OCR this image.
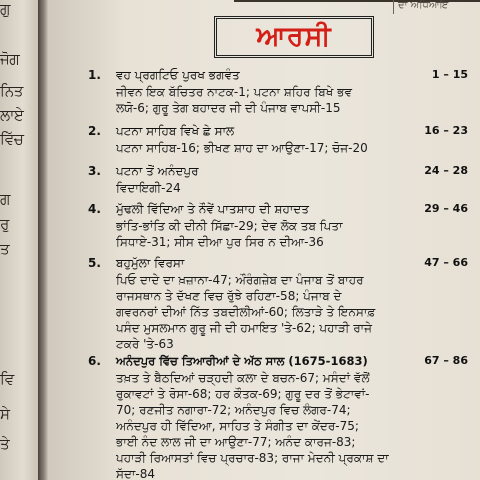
ਗੁ
ਜੋਗ
ਨਿਤ
ਲਾਏ
ਵਿੱਚ
ਗ
ਰੁ
ਤ
ਵਿ
ਸੇ
ਤੇ
ਦਾ ਅਧਿਆਇ
ਆਰਸੀ
1. ਵਹ ਪ੍ਰਗਟਿਓ ਪੁਰਖ ਭਗਵੰਤ	1 – 15
ਜੀਵਨ ਇਕ ਬੱਚਿਤਰ ਨਾਟਕ-1; ਪਟਨਾ ਸ਼ਹਿਰ ਬਿਖੇ ਭਵ
ਲਯੋ-6; ਗੁਰੂ ਤੇਗ ਬਹਾਦਰ ਜੀ ਦੀ ਪੰਜਾਬ ਵਾਪਸੀ-15
2. ਪਟਨਾ ਸਾਹਿਬ ਵਿਖੇ ਛੇ ਸਾਲ	16 – 23
ਪਟਨਾ ਸਾਹਿਬ-16; ਭੀਖਣ ਸ਼ਾਹ ਦਾ ਆਉਣਾ-17; ਚੋਜ-20
3. ਪਟਨਾ ਤੋਂ ਅਨੰਦਪੁਰ	24 – 28
ਵਿਦਾਇਗੀ-24
4. ਮੁੱਢਲੀ ਵਿੱਦਿਆ ਤੇ ਨੌਵੇਂ ਪਾਤਸ਼ਾਹ ਦੀ ਸ਼ਹਾਦਤ	29 – 46
ਭਾਂਤਿ-ਭਾਂਤਿ ਕੀ ਦੀਨੀ ਸਿੱਛਾ-29; ਦੇਵ ਲੋਕ ਤਬ ਪਿਤਾ
ਸਿਧਾਏ-31; ਸੀਸ ਦੀਆ ਪੁਰ ਸਿਰ ਨ ਦੀਆ-36
5. ਬਹੁਮੁੱਲਾ ਵਿਰਸਾ	47 – 66
ਪਿਓ ਦਾਦੇ ਦਾ ਖ਼ਜ਼ਾਨਾ-47; ਔਰੰਗਜ਼ੇਬ ਦਾ ਪੰਜਾਬ ਤੋਂ ਬਾਹਰ
ਰਾਜਸਥਾਨ ਤੇ ਦੱਖਣ ਵਿਚ ਰੁੱਝੇ ਰਹਿਣਾ-58; ਪੰਜਾਬ ਦੇ
ਗਵਰਨਰਾਂ ਦੀਆਂ ਨਿੱਤ ਤਬਦੀਲੀਆਂ-60; ਲਿਤਾੜੇ ਤੇ ਇਨਸਾਫ਼
ਪਸੰਦ ਮੁਸਲਮਾਨ ਗੁਰੂ ਜੀ ਦੀ ਹਮਾਇਤ 'ਤੇ-62; ਪਹਾੜੀ ਰਾਜੇ
ਟਕਰੇ 'ਤੇ-63
6. ਅਨੰਦਪੁਰ ਵਿੱਚ ਤਿਆਰੀਆਂ ਦੇ ਅੱਠ ਸਾਲ (1675-1683)	67 – 86
ਤਖ਼ਤ ਤੇ ਬੈਠਦਿਆਂ ਚੜ੍ਹਦੀ ਕਲਾ ਦੇ ਬਚਨ-67; ਮਸੰਦਾਂ ਵੱਲੋਂ
ਰੁਕਾਵਟਾਂ ਤੇ ਰੋਸਾ-68; ਹਰ ਕੌਤਕ-69; ਗੁਰੂ ਦਰ ਤੋਂ ਭੇਟਾਵਾਂ-
70; ਰਣਜੀਤ ਨਗਾਰਾ-72; ਅਨੰਦਪੁਰ ਵਿਚ ਲੰਗਰ-74;
ਅਨੰਦਪੁਰ ਹੀ ਵਿੱਦਿਆ, ਸਾਹਿਤ ਤੇ ਸੰਗੀਤ ਦਾ ਕੇਂਦਰ-75;
ਭਾਈ ਨੰਦ ਲਾਲ ਜੀ ਦਾ ਆਉਣਾ-77; ਅਨੰਦ ਕਾਰਜ-83;
ਪਹਾੜੀ ਰਿਆਸਤਾਂ ਵਿਚ ਪ੍ਰਚਾਰ-83; ਰਾਜਾ ਮੇਦਨੀ ਪ੍ਰਕਾਸ਼ ਦਾ
ਸੱਦਾ-84
